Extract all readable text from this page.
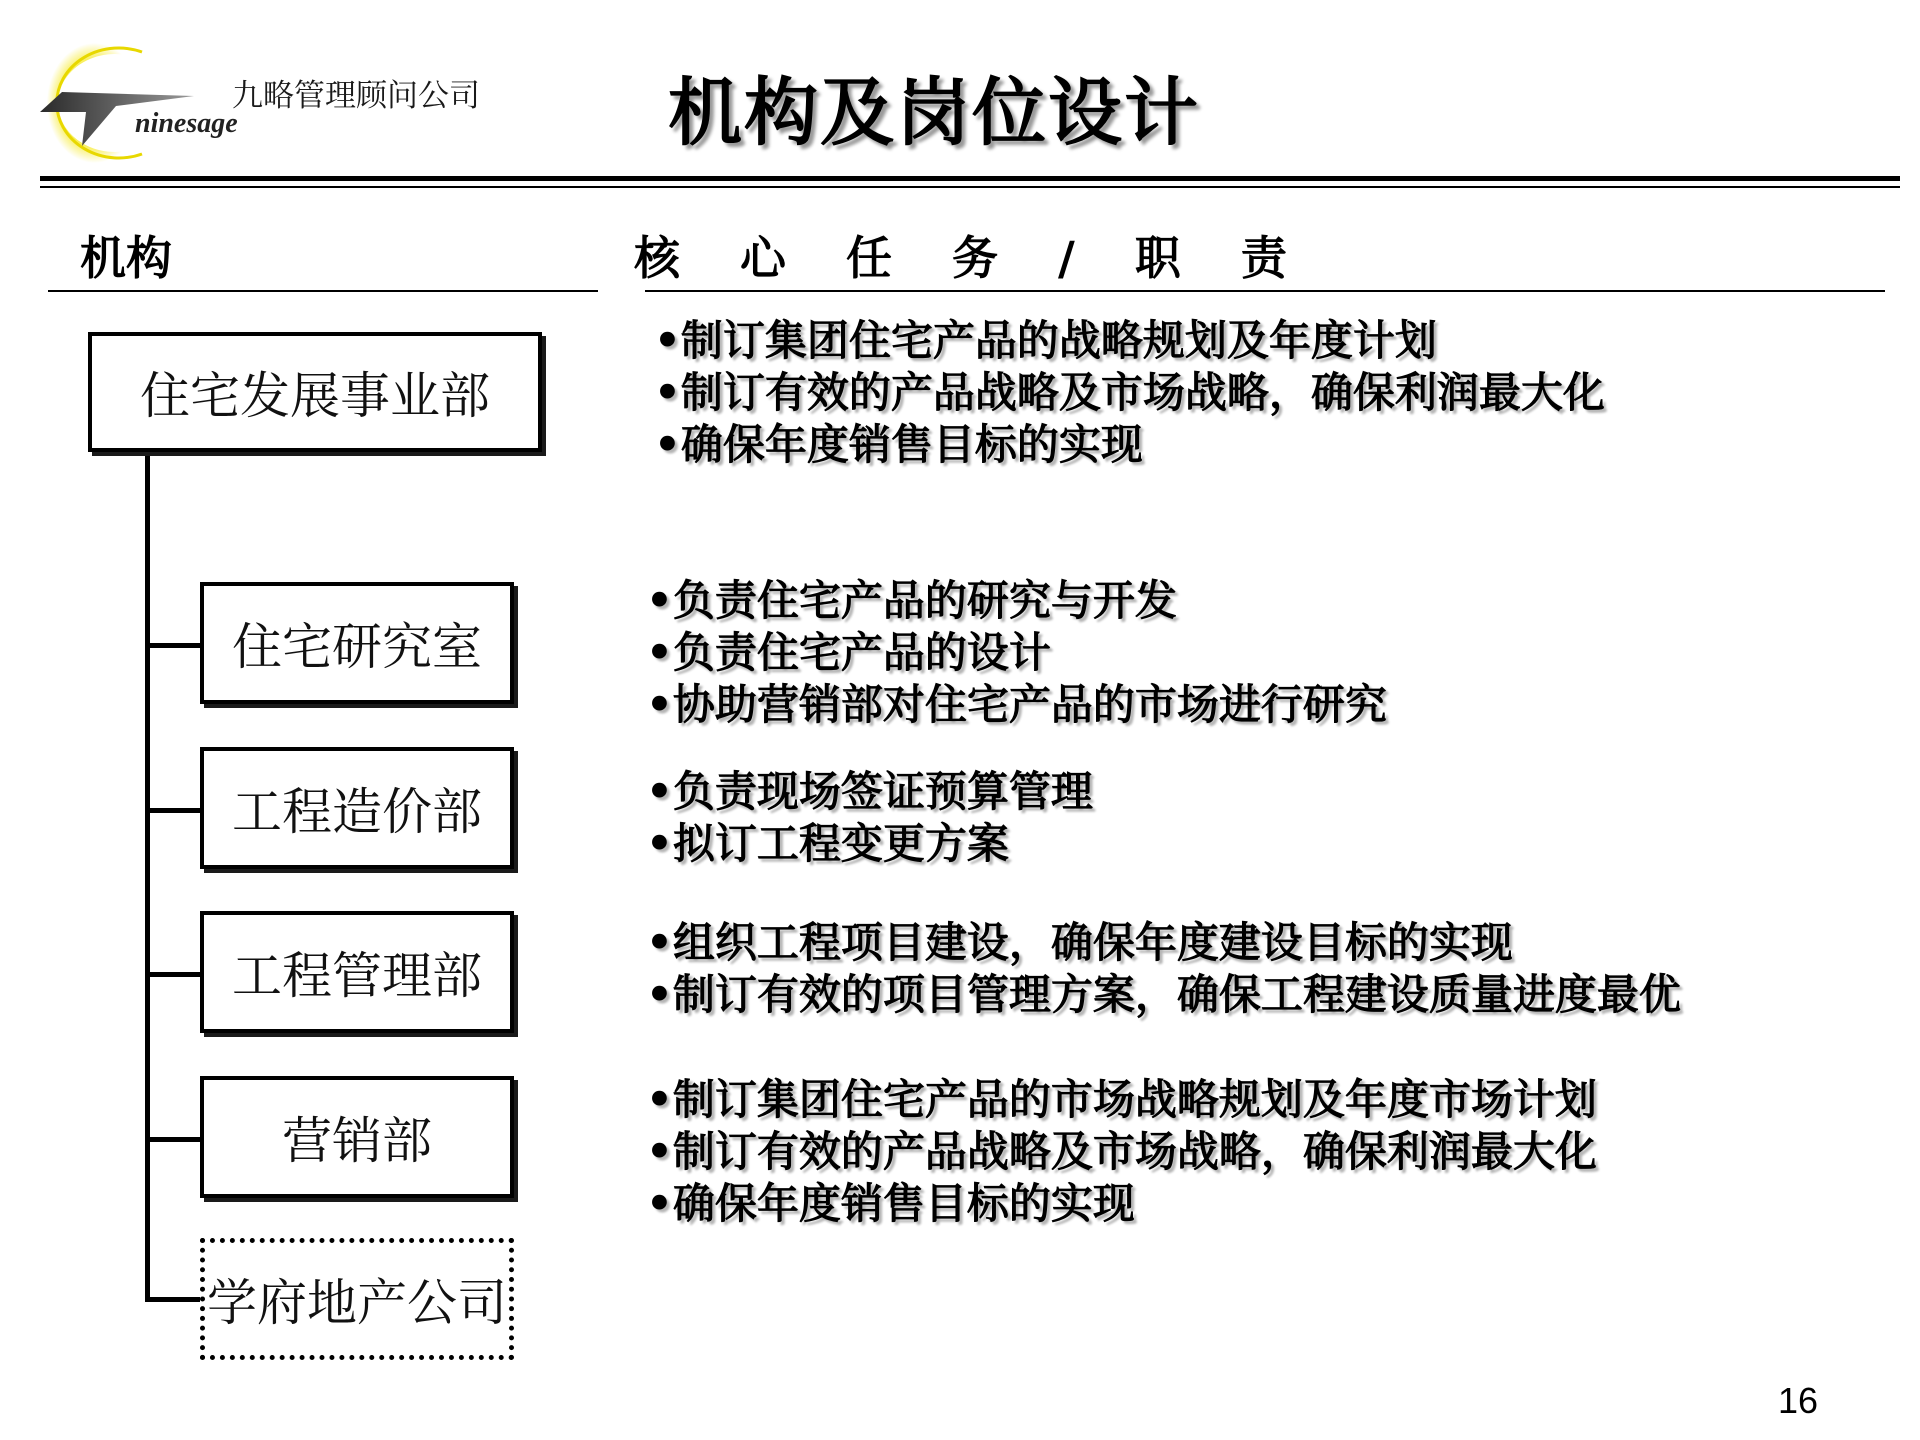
ninesage
九略管理顾问公司	机构及岗位设计
机构	核 心 任 务 / 职 责
住宅发展事业部
住宅研究室
工程造价部
工程管理部
营销部
学府地产公司
• 制订集团住宅产品的战略规划及年度计划
• 制订有效的产品战略及市场战略，确保利润最大化
• 确保年度销售目标的实现
• 负责住宅产品的研究与开发
• 负责住宅产品的设计
• 协助营销部对住宅产品的市场进行研究
• 负责现场签证预算管理
• 拟订工程变更方案
• 组织工程项目建设，确保年度建设目标的实现
• 制订有效的项目管理方案，确保工程建设质量进度最优
• 制订集团住宅产品的市场战略规划及年度市场计划
• 制订有效的产品战略及市场战略，确保利润最大化
• 确保年度销售目标的实现
16
